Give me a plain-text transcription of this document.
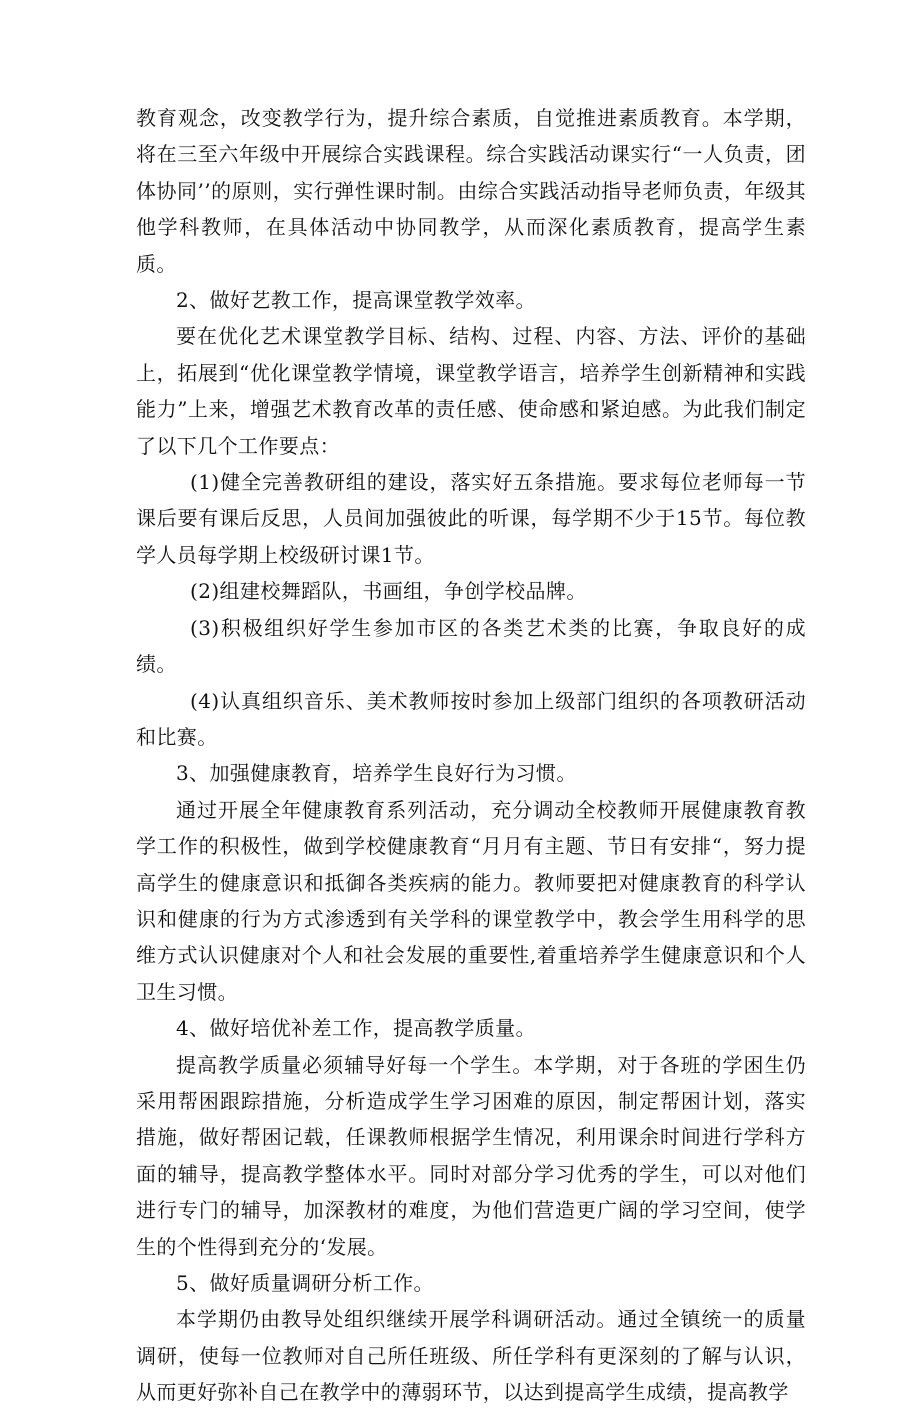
教育观念，改变教学行为，提升综合素质，自觉推进素质教育。本学期，将在三至六年级中开展综合实践课程。综合实践活动课实行“一人负责，团体协同’’的原则，实行弹性课时制。由综合实践活动指导老师负责，年级其他学科教师，在具体活动中协同教学，从而深化素质教育，提高学生素质。

2、做好艺教工作，提高课堂教学效率。

要在优化艺术课堂教学目标、结构、过程、内容、方法、评价的基础上，拓展到“优化课堂教学情境，课堂教学语言，培养学生创新精神和实践能力”上来，增强艺术教育改革的责任感、使命感和紧迫感。为此我们制定了以下几个工作要点：

(1)健全完善教研组的建设，落实好五条措施。要求每位老师每一节课后要有课后反思，人员间加强彼此的听课，每学期不少于15节。每位教学人员每学期上校级研讨课1节。

(2)组建校舞蹈队，书画组，争创学校品牌。

(3)积极组织好学生参加市区的各类艺术类的比赛，争取良好的成绩。

(4)认真组织音乐、美术教师按时参加上级部门组织的各项教研活动和比赛。

3、加强健康教育，培养学生良好行为习惯。

通过开展全年健康教育系列活动，充分调动全校教师开展健康教育教学工作的积极性，做到学校健康教育“月月有主题、节日有安排“，努力提高学生的健康意识和抵御各类疾病的能力。教师要把对健康教育的科学认识和健康的行为方式渗透到有关学科的课堂教学中，教会学生用科学的思维方式认识健康对个人和社会发展的重要性,着重培养学生健康意识和个人卫生习惯。

4、做好培优补差工作，提高教学质量。

提高教学质量必须辅导好每一个学生。本学期，对于各班的学困生仍采用帮困跟踪措施，分析造成学生学习困难的原因，制定帮困计划，落实措施，做好帮困记载，任课教师根据学生情况，利用课余时间进行学科方面的辅导，提高教学整体水平。同时对部分学习优秀的学生，可以对他们进行专门的辅导，加深教材的难度，为他们营造更广阔的学习空间，使学生的个性得到充分的‘发展。

5、做好质量调研分析工作。

本学期仍由教导处组织继续开展学科调研活动。通过全镇统一的质量调研，使每一位教师对自己所任班级、所任学科有更深刻的了解与认识，从而更好弥补自己在教学中的薄弱环节，以达到提高学生成绩，提高教学
